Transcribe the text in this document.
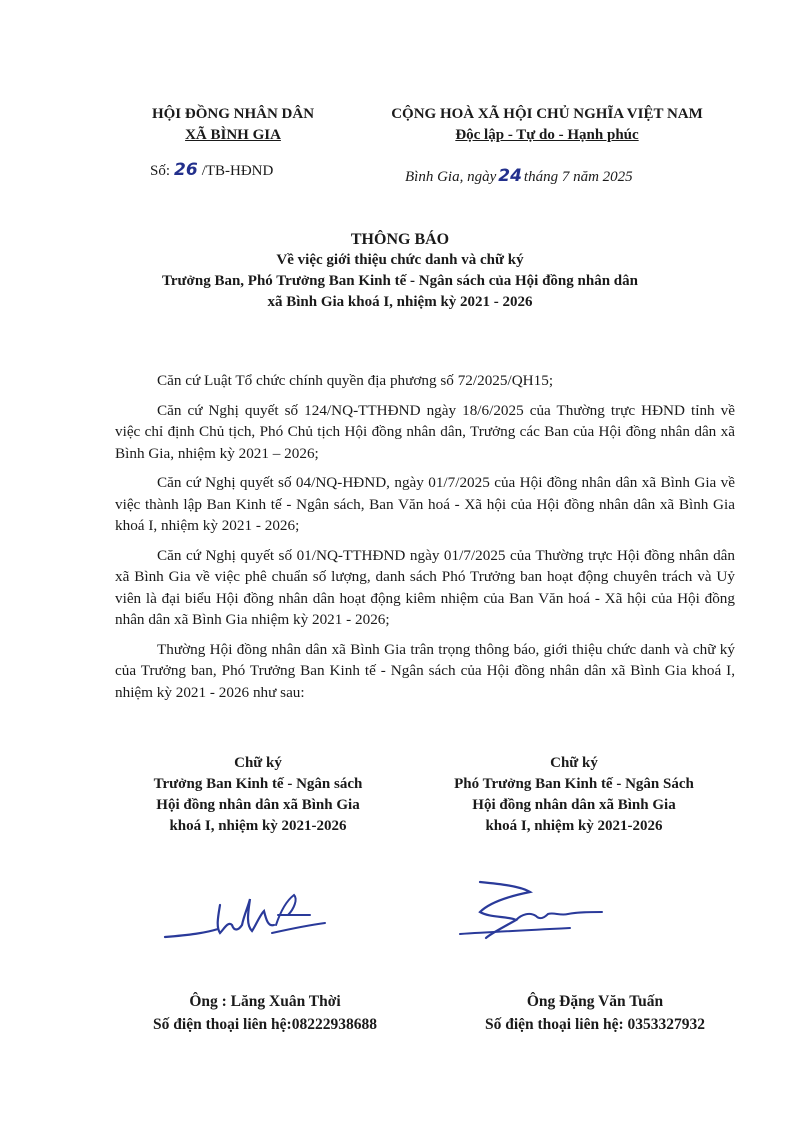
HỘI ĐỒNG NHÂN DÂN
XÃ BÌNH GIA
CỘNG HOÀ XÃ HỘI CHỦ NGHĨA VIỆT NAM
Độc lập - Tự do - Hạnh phúc
Số: 26 /TB-HĐND	Bình Gia, ngày 24 tháng 7 năm 2025
THÔNG BÁO
Về việc giới thiệu chức danh và chữ ký
Trưởng Ban, Phó Trưởng Ban Kinh tế - Ngân sách của Hội đồng nhân dân
xã Bình Gia khoá I, nhiệm kỳ 2021 - 2026

Căn cứ Luật Tổ chức chính quyền địa phương số 72/2025/QH15;

Căn cứ Nghị quyết số 124/NQ-TTHĐND ngày 18/6/2025 của Thường trực HĐND tỉnh về việc chỉ định Chủ tịch, Phó Chủ tịch Hội đồng nhân dân, Trưởng các Ban của Hội đồng nhân dân xã Bình Gia, nhiệm kỳ 2021 – 2026;

Căn cứ Nghị quyết số 04/NQ-HĐND, ngày 01/7/2025 của Hội đồng nhân dân xã Bình Gia về việc thành lập Ban Kinh tế - Ngân sách, Ban Văn hoá - Xã hội của Hội đồng nhân dân xã Bình Gia khoá I, nhiệm kỳ 2021 - 2026;

Căn cứ Nghị quyết số 01/NQ-TTHĐND ngày 01/7/2025 của Thường trực Hội đồng nhân dân xã Bình Gia về việc phê chuẩn số lượng, danh sách Phó Trưởng ban hoạt động chuyên trách và Uỷ viên là đại biểu Hội đồng nhân dân hoạt động kiêm nhiệm của Ban Văn hoá - Xã hội của Hội đồng nhân dân xã Bình Gia nhiệm kỳ 2021 - 2026;

Thường Hội đồng nhân dân xã Bình Gia trân trọng thông báo, giới thiệu chức danh và chữ ký của Trưởng ban, Phó Trưởng Ban Kinh tế - Ngân sách của Hội đồng nhân dân xã Bình Gia khoá I, nhiệm kỳ 2021 - 2026 như sau:

Chữ ký
Trưởng Ban Kinh tế - Ngân sách
Hội đồng nhân dân xã Bình Gia
khoá I, nhiệm kỳ 2021-2026
Chữ ký
Phó Trưởng Ban Kinh tế - Ngân Sách
Hội đồng nhân dân xã Bình Gia
khoá I, nhiệm kỳ 2021-2026
Ông : Lăng Xuân Thời
Số điện thoại liên hệ:08222938688
Ông Đặng Văn Tuấn
Số điện thoại liên hệ: 0353327932
